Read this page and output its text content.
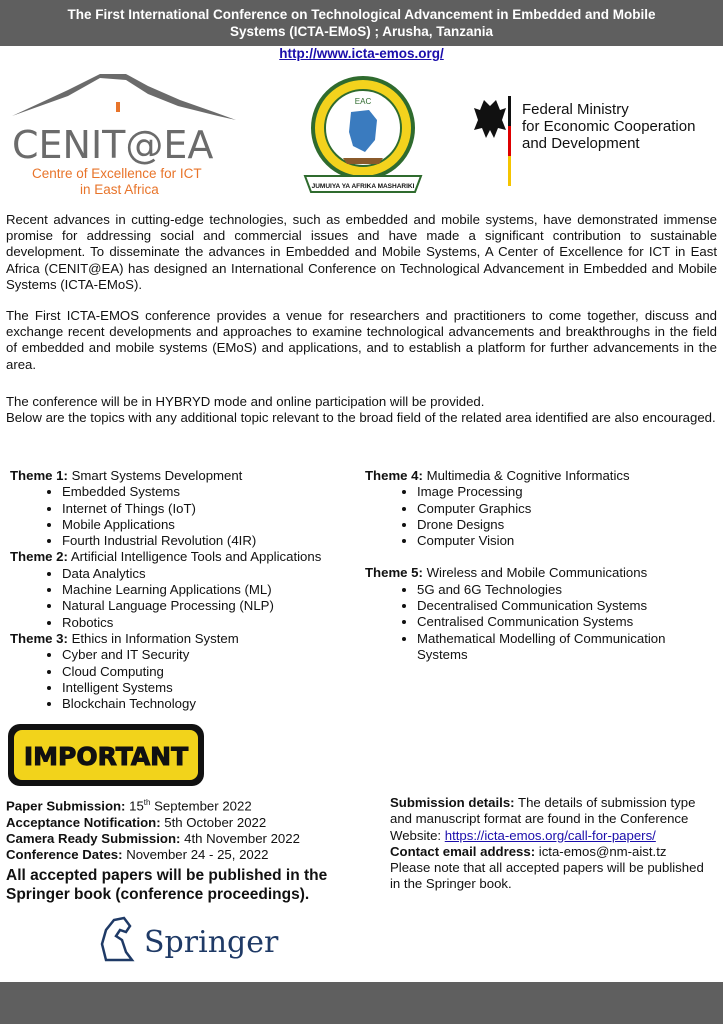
The First International Conference on Technological Advancement in Embedded and Mobile
Systems (ICTA-EMoS) ; Arusha, Tanzania
http://www.icta-emos.org/
CENIT@EA
Centre of Excellence for ICT
in East Africa
EAC
JUMUIYA YA AFRIKA MASHARIKI
Federal Ministry
for Economic Cooperation
and Development

Recent advances in cutting-edge technologies, such as embedded and mobile systems, have demonstrated immense promise for addressing social and commercial issues and have made a significant contribution to sustainable development. To disseminate the advances in Embedded and Mobile Systems, A Center of Excellence for ICT in East Africa (CENIT@EA) has designed an International Conference on Technological Advancement in Embedded and Mobile Systems (ICTA-EMoS).

The First ICTA-EMOS conference provides a venue for researchers and practitioners to come together, discuss and exchange recent developments and approaches to examine technological advancements and breakthroughs in the field of embedded and mobile systems (EMoS) and applications, and to establish a platform for further advancements in the area.

The conference will be in HYBRYD mode and online participation will be provided.
Below are the topics with any additional topic relevant to the broad field of the related area identified are also encouraged.
Theme 1: Smart Systems Development
• Embedded Systems
• Internet of Things (IoT)
• Mobile Applications
• Fourth Industrial Revolution (4IR)
Theme 2: Artificial Intelligence Tools and Applications
• Data Analytics
• Machine Learning Applications (ML)
• Natural Language Processing (NLP)
• Robotics
Theme 3: Ethics in Information System
• Cyber and IT Security
• Cloud Computing
• Intelligent Systems
• Blockchain Technology
Theme 4: Multimedia & Cognitive Informatics
• Image Processing
• Computer Graphics
• Drone Designs
• Computer Vision
Theme 5: Wireless and Mobile Communications
• 5G and 6G Technologies
• Decentralised Communication Systems
• Centralised Communication Systems
• Mathematical Modelling of Communication Systems
IMPORTANT
Paper Submission: 15th September 2022
Acceptance Notification: 5th October 2022
Camera Ready Submission: 4th November 2022
Conference Dates: November 24 - 25, 2022
All accepted papers will be published in the Springer book (conference proceedings).
Submission details: The details of submission type and manuscript format are found in the Conference Website: https://icta-emos.org/call-for-papers/
Contact email address: icta-emos@nm-aist.tz
Please note that all accepted papers will be published in the Springer book.
Springer
